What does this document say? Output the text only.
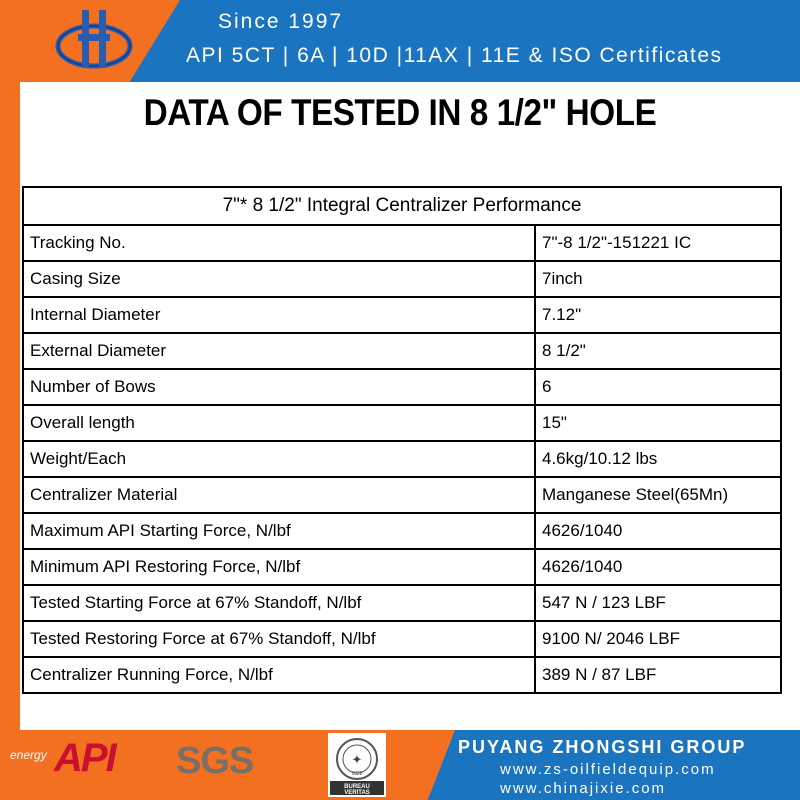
Since 1997
API 5CT | 6A | 10D |11AX | 11E & ISO Certificates
DATA OF TESTED IN 8 1/2" HOLE
7"* 8 1/2" Integral Centralizer Performance	
Tracking No.	7"-8 1/2"-151221 IC
Casing Size	7inch
Internal Diameter	7.12"
External Diameter	8 1/2"
Number of Bows	6
Overall length	15"
Weight/Each	4.6kg/10.12 lbs
Centralizer Material	Manganese Steel(65Mn)
Maximum API Starting Force, N/lbf	4626/1040
Minimum API Restoring Force, N/lbf	4626/1040
Tested Starting Force at 67% Standoff, N/lbf	547 N / 123 LBF
Tested Restoring Force at 67% Standoff, N/lbf	9100 N/ 2046 LBF
Centralizer Running Force, N/lbf	389 N / 87 LBF
energy API SGS	✦
1828
BUREAU
VERITAS
PUYANG ZHONGSHI GROUP
www.zs-oilfieldequip.com
www.chinajixie.com
